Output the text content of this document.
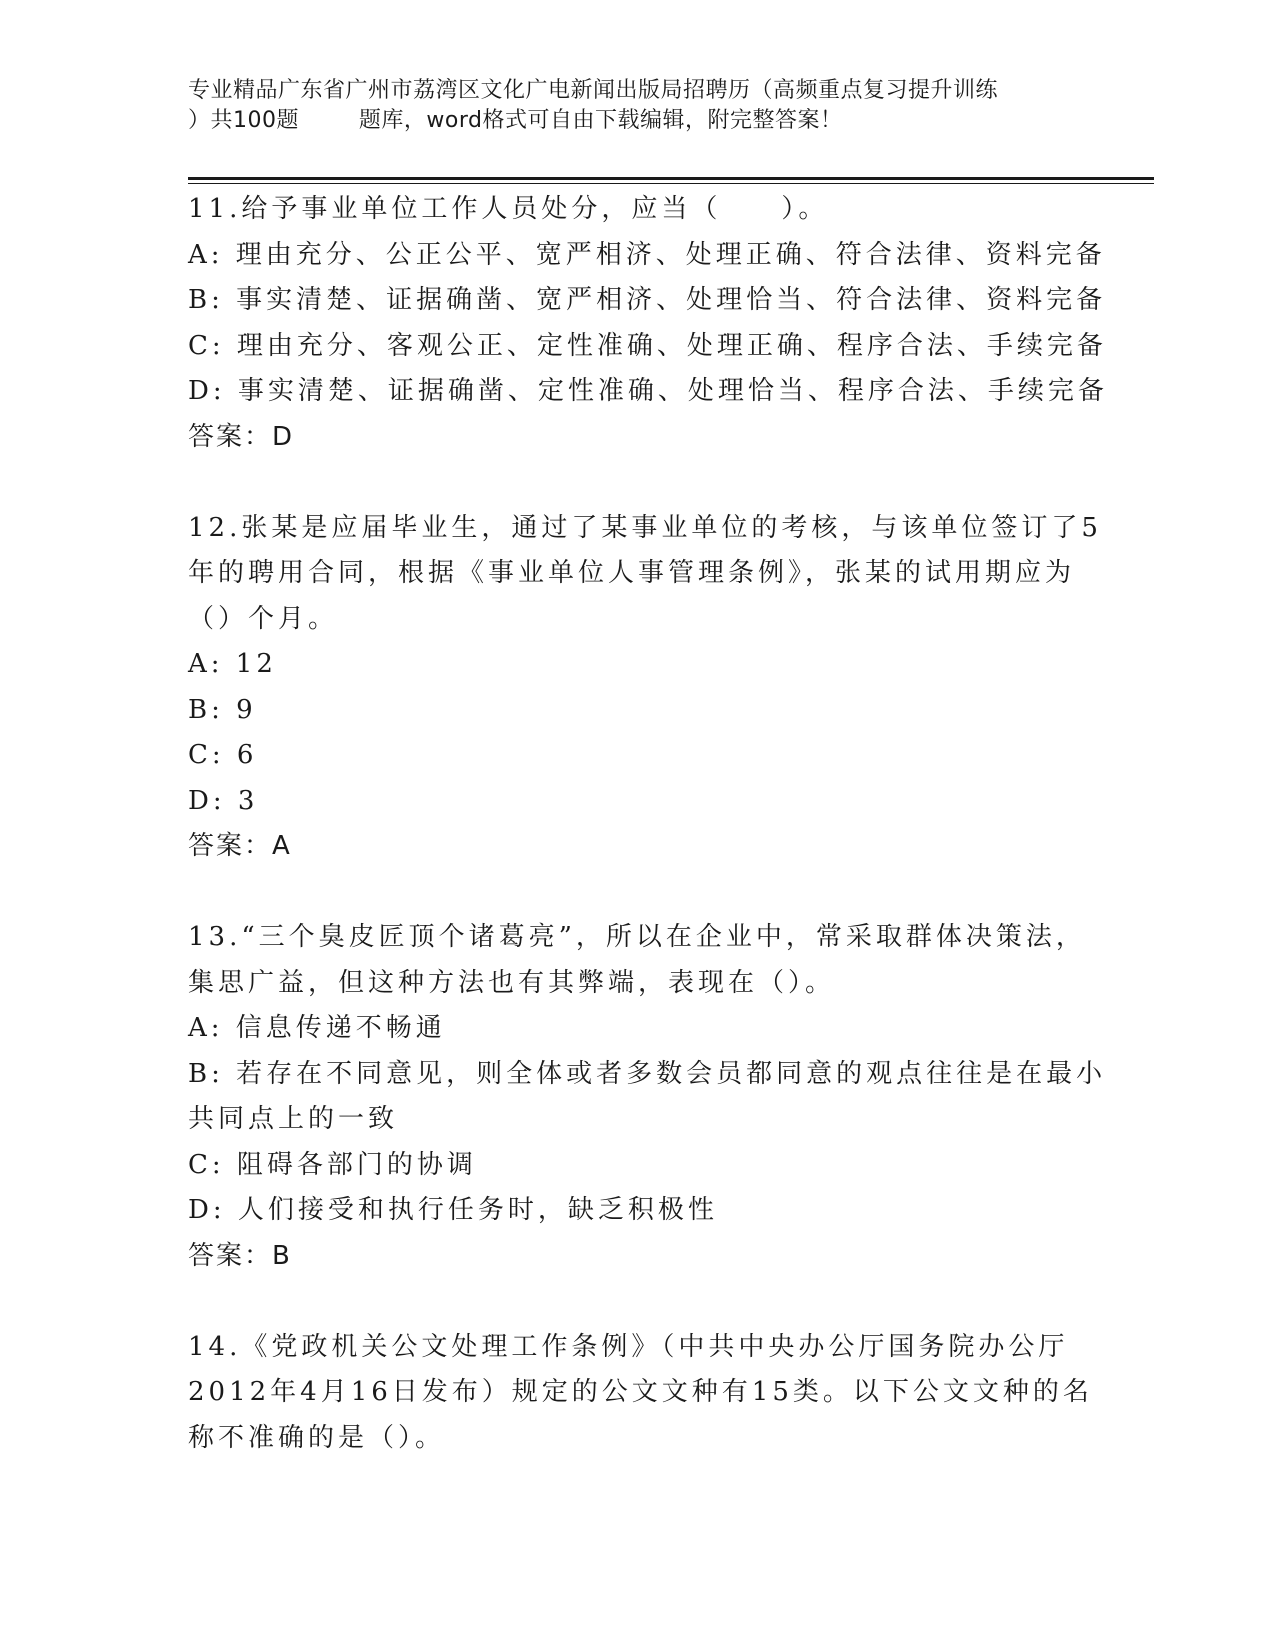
专业精品广东省广州市荔湾区文化广电新闻出版局招聘历（高频重点复习提升训练
）共100题        题库，word格式可自由下载编辑，附完整答案！
11.给予事业单位工作人员处分，应当（　　）。
A: 理由充分、公正公平、宽严相济、处理正确、符合法律、资料完备
B: 事实清楚、证据确凿、宽严相济、处理恰当、符合法律、资料完备
C: 理由充分、客观公正、定性准确、处理正确、程序合法、手续完备
D: 事实清楚、证据确凿、定性准确、处理恰当、程序合法、手续完备
答案：D
12.张某是应届毕业生，通过了某事业单位的考核，与该单位签订了5
年的聘用合同，根据《事业单位人事管理条例》，张某的试用期应为
（）个月。
A: 12
B: 9
C: 6
D: 3
答案：A
13.“三个臭皮匠顶个诸葛亮”，所以在企业中，常采取群体决策法，
集思广益，但这种方法也有其弊端，表现在（）。
A: 信息传递不畅通
B: 若存在不同意见，则全体或者多数会员都同意的观点往往是在最小
共同点上的一致
C: 阻碍各部门的协调
D: 人们接受和执行任务时，缺乏积极性
答案：B
14.《党政机关公文处理工作条例》（中共中央办公厅国务院办公厅
2012年4月16日发布）规定的公文文种有15类。以下公文文种的名
称不准确的是（）。
